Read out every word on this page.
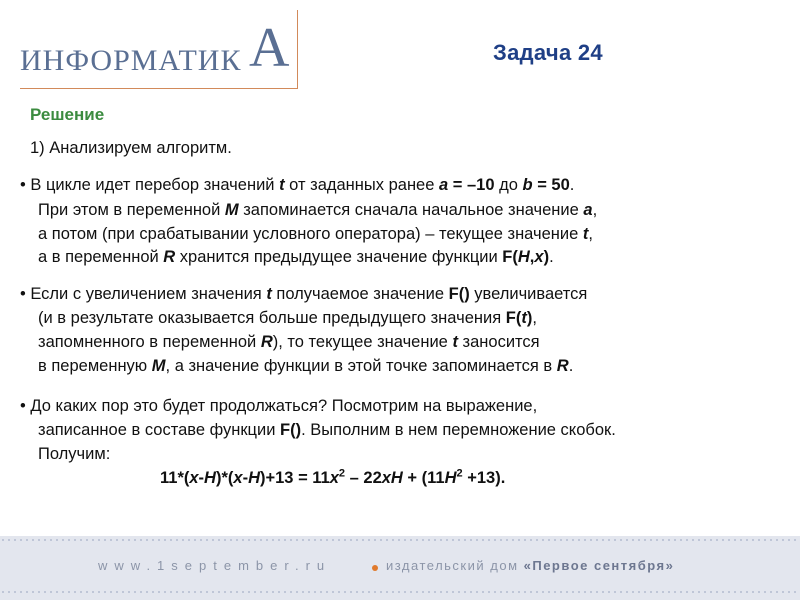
ИНФОРМАТИК А	Задача 24
Решение
1) Анализируем алгоритм.
• В цикле идет перебор значений t от заданных ранее a = –10 до b = 50.
При этом в переменной M запоминается сначала начальное значение a,
а потом (при срабатывании условного оператора) – текущее значение t,
а в переменной R хранится предыдущее значение функции F(H,x).
• Если с увеличением значения t получаемое значение F() увеличивается
(и в результате оказывается больше предыдущего значения F(t),
запомненного в переменной R), то текущее значение t заносится
в переменную M, а значение функции в этой точке запоминается в R.
• До каких пор это будет продолжаться? Посмотрим на выражение,
записанное в составе функции F(). Выполним в нем перемножение скобок.
Получим:
$11*(x-H)*(x-H)+13 = 11x^2 - 22xH + (11H^2 +13)$.
www.1september.ru	издательский дом «Первое сентября»
